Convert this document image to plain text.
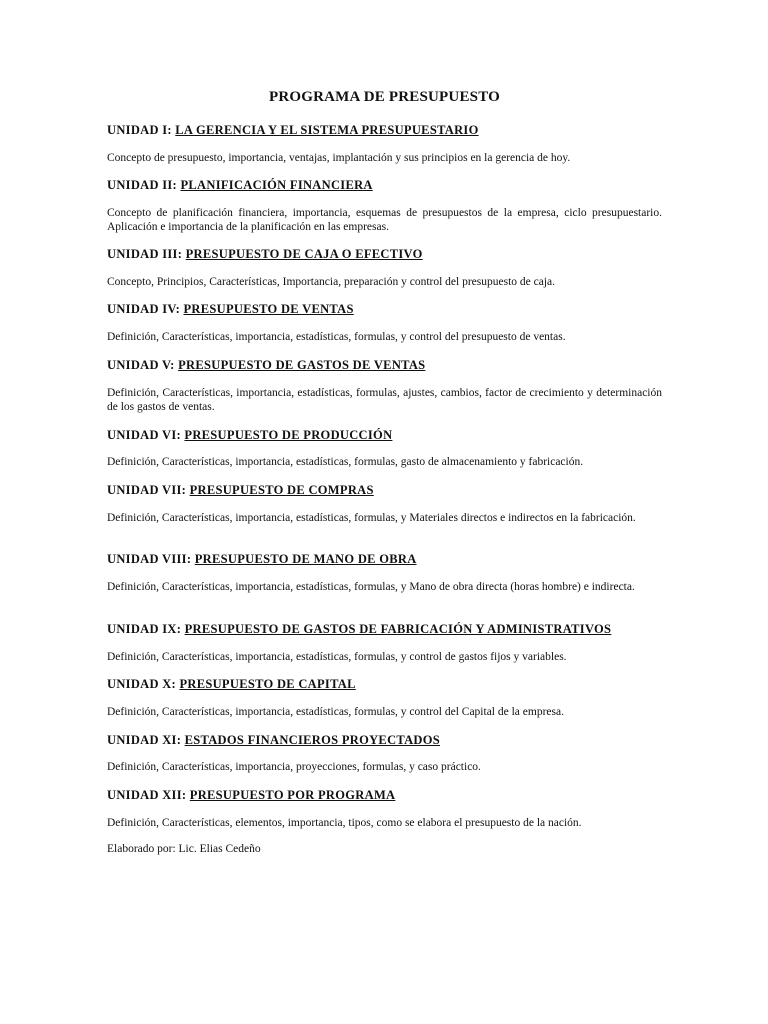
PROGRAMA DE PRESUPUESTO

UNIDAD I: LA GERENCIA Y EL SISTEMA PRESUPUESTARIO

Concepto de presupuesto, importancia, ventajas, implantación y sus principios en la gerencia de hoy.

UNIDAD II: PLANIFICACIÓN FINANCIERA

Concepto de planificación financiera, importancia, esquemas de presupuestos de la empresa, ciclo presupuestario. Aplicación e importancia de la planificación en las empresas.

UNIDAD III: PRESUPUESTO DE CAJA O EFECTIVO

Concepto, Principios, Características, Importancia, preparación y control del presupuesto de caja.

UNIDAD IV: PRESUPUESTO DE VENTAS

Definición, Características, importancia, estadísticas, formulas, y control del presupuesto de ventas.

UNIDAD V: PRESUPUESTO DE GASTOS DE VENTAS

Definición, Características, importancia, estadísticas, formulas, ajustes, cambios, factor de crecimiento y determinación de los gastos de ventas.

UNIDAD VI: PRESUPUESTO DE PRODUCCIÓN

Definición, Características, importancia, estadísticas, formulas, gasto de almacenamiento y fabricación.

UNIDAD VII: PRESUPUESTO DE COMPRAS

Definición, Características, importancia, estadísticas, formulas, y Materiales directos e indirectos en la fabricación.

UNIDAD VIII: PRESUPUESTO DE MANO DE OBRA

Definición, Características, importancia, estadísticas, formulas, y Mano de obra directa (horas hombre) e indirecta.

UNIDAD IX: PRESUPUESTO DE GASTOS DE FABRICACIÓN Y ADMINISTRATIVOS

Definición, Características, importancia, estadísticas, formulas, y control de gastos fijos y variables.

UNIDAD X: PRESUPUESTO DE CAPITAL

Definición, Características, importancia, estadísticas, formulas, y control del Capital de la empresa.

UNIDAD XI: ESTADOS FINANCIEROS PROYECTADOS

Definición, Características, importancia, proyecciones, formulas, y caso práctico.

UNIDAD XII: PRESUPUESTO POR PROGRAMA

Definición, Características, elementos, importancia, tipos, como se elabora el presupuesto de la nación.

Elaborado por: Lic. Elias Cedeño
